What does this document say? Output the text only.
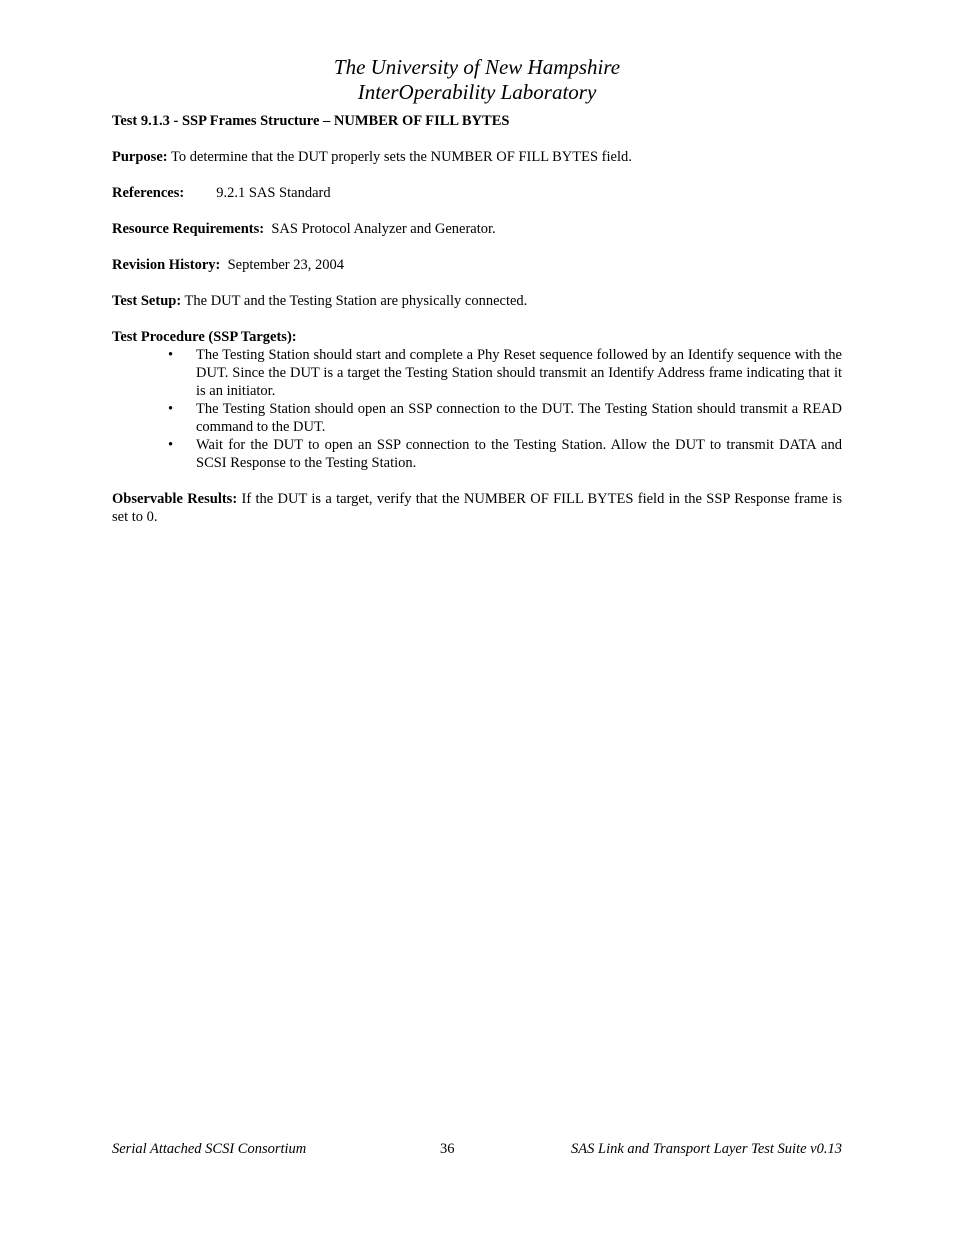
The University of New Hampshire
InterOperability Laboratory
Test 9.1.3 - SSP Frames Structure – NUMBER OF FILL BYTES

Purpose: To determine that the DUT properly sets the NUMBER OF FILL BYTES field.

References: 9.2.1 SAS Standard

Resource Requirements: SAS Protocol Analyzer and Generator.

Revision History: September 23, 2004

Test Setup: The DUT and the Testing Station are physically connected.

Test Procedure (SSP Targets):
• The Testing Station should start and complete a Phy Reset sequence followed by an Identify sequence with the DUT. Since the DUT is a target the Testing Station should transmit an Identify Address frame indicating that it is an initiator.
• The Testing Station should open an SSP connection to the DUT. The Testing Station should transmit a READ command to the DUT.
• Wait for the DUT to open an SSP connection to the Testing Station. Allow the DUT to transmit DATA and SCSI Response to the Testing Station.

Observable Results: If the DUT is a target, verify that the NUMBER OF FILL BYTES field in the SSP Response frame is set to 0.

Serial Attached SCSI Consortium	36	SAS Link and Transport Layer Test Suite v0.13
